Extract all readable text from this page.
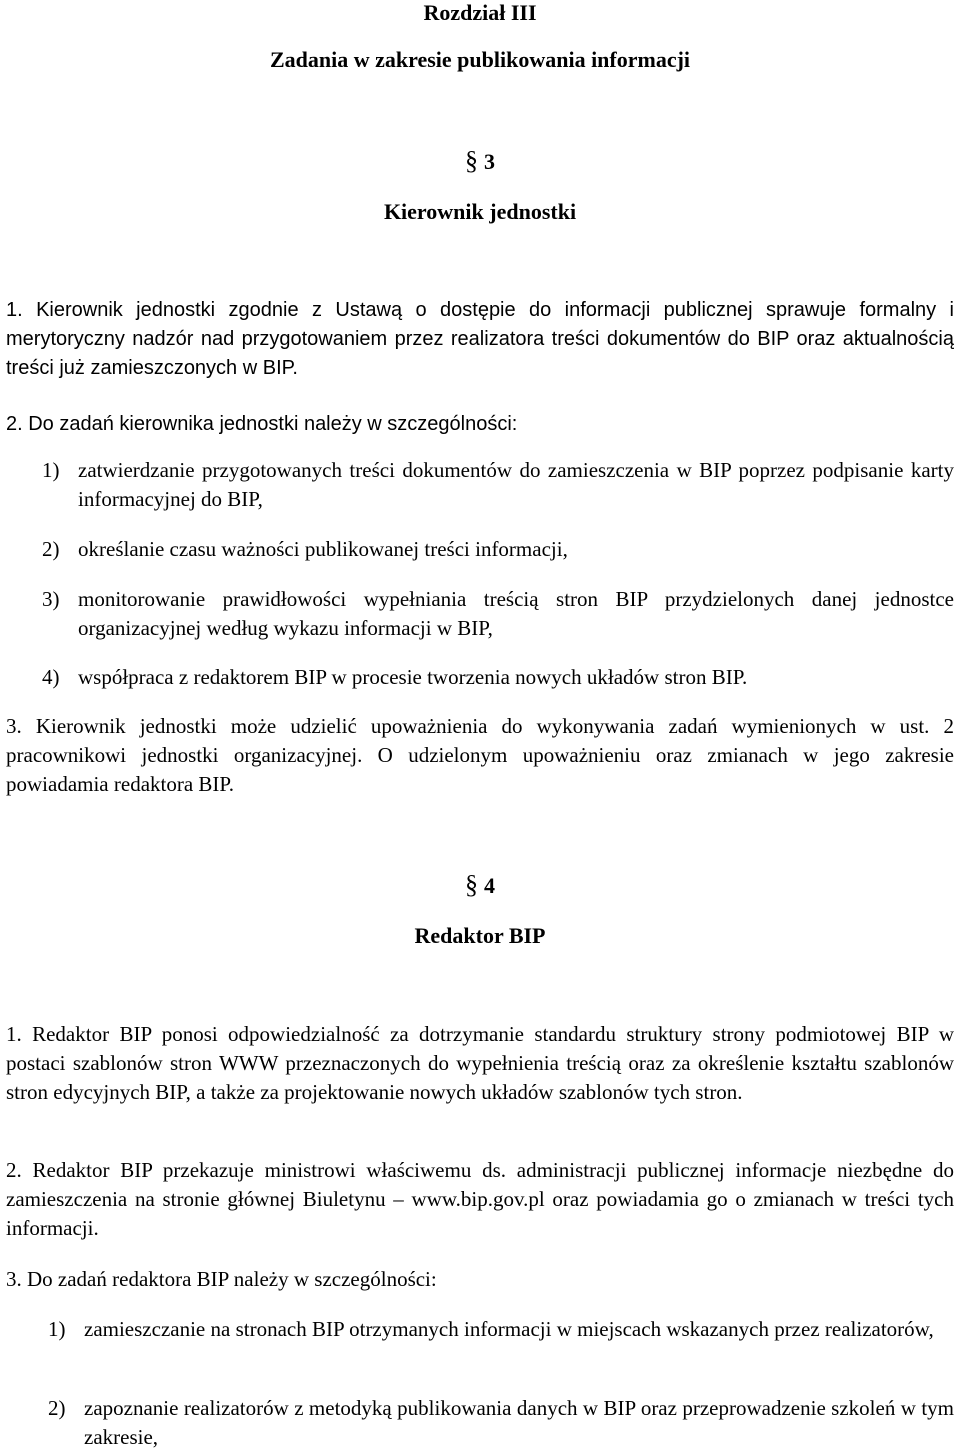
Rozdział III
Zadania w zakresie publikowania informacji
§ 3
Kierownik jednostki
1. Kierownik jednostki zgodnie z Ustawą o dostępie do informacji publicznej sprawuje formalny i merytoryczny nadzór nad przygotowaniem przez realizatora treści dokumentów do BIP oraz aktualnością treści już zamieszczonych w BIP.
2. Do zadań kierownika jednostki należy w szczególności:
1) zatwierdzanie przygotowanych treści dokumentów do zamieszczenia w BIP poprzez podpisanie karty informacyjnej do BIP,
2) określanie czasu ważności publikowanej treści informacji,
3) monitorowanie prawidłowości wypełniania treścią stron BIP przydzielonych danej jednostce organizacyjnej według wykazu informacji w BIP,
4) współpraca z redaktorem BIP w procesie tworzenia nowych układów stron BIP.
3. Kierownik jednostki może udzielić upoważnienia do wykonywania zadań wymienionych w ust. 2 pracownikowi jednostki organizacyjnej. O udzielonym upoważnieniu oraz zmianach w jego zakresie powiadamia redaktora BIP.
§ 4
Redaktor BIP
1. Redaktor BIP ponosi odpowiedzialność za dotrzymanie standardu struktury strony podmiotowej BIP w postaci szablonów stron WWW przeznaczonych do wypełnienia treścią oraz za określenie kształtu szablonów stron edycyjnych BIP, a także za projektowanie nowych układów szablonów tych stron.
2. Redaktor BIP przekazuje ministrowi właściwemu ds. administracji publicznej informacje niezbędne do zamieszczenia na stronie głównej Biuletynu – www.bip.gov.pl oraz powiadamia go o zmianach w treści tych informacji.
3. Do zadań redaktora BIP należy w szczególności:
1) zamieszczanie na stronach BIP otrzymanych informacji w miejscach wskazanych przez realizatorów,
2) zapoznanie realizatorów z metodyką publikowania danych w BIP oraz przeprowadzenie szkoleń w tym zakresie,
